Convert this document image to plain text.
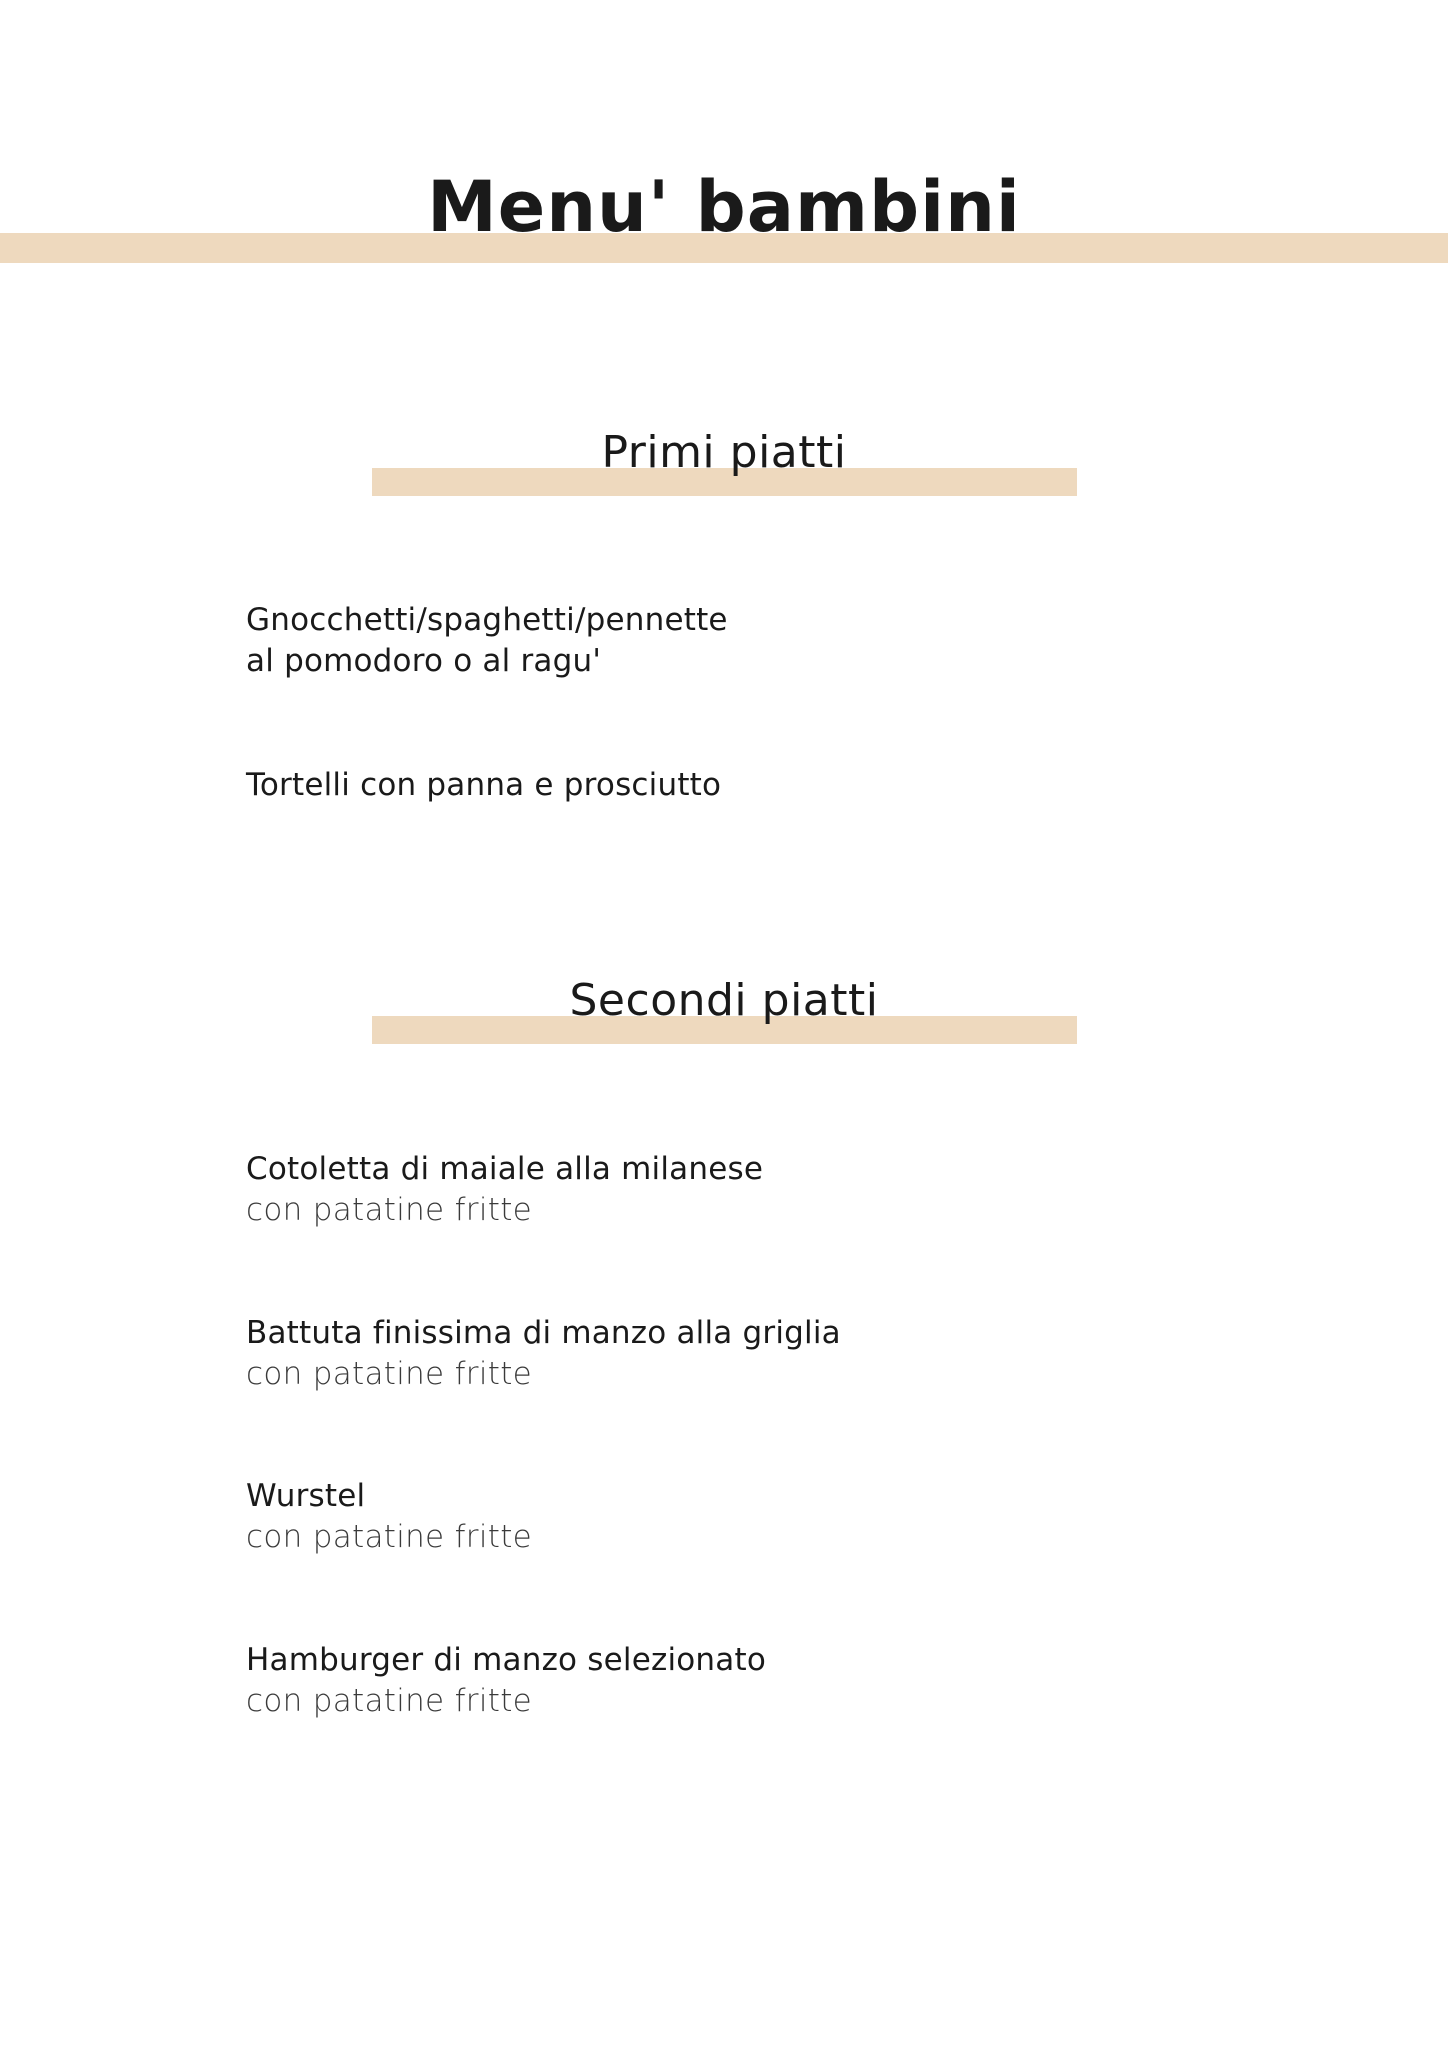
Menu' bambini
Primi piatti
Gnocchetti/spaghetti/pennette
al pomodoro o al ragu'
Tortelli con panna e prosciutto
Secondi piatti
Cotoletta di maiale alla milanese
con patatine fritte
Battuta finissima di manzo alla griglia
con patatine fritte
Wurstel
con patatine fritte
Hamburger di manzo selezionato
con patatine fritte
